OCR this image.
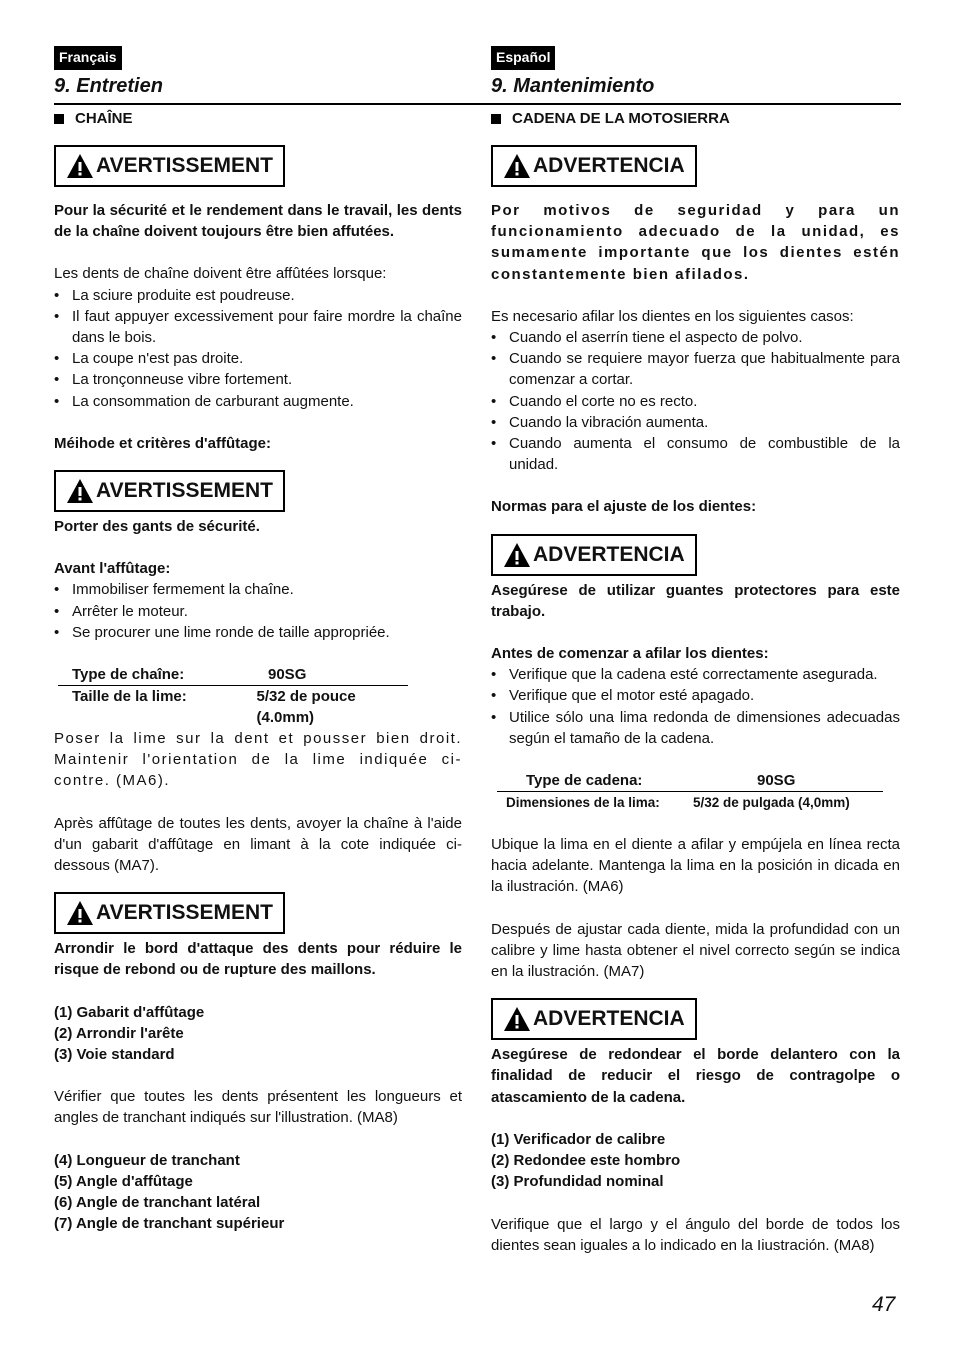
Français
9. Entretien
CHAÎNE
AVERTISSEMENT

Pour la sécurité et le rendement dans le travail, les dents de la chaîne doivent toujours être bien affutées.

Les dents de chaîne doivent être affûtées lorsque:

• La sciure produite est poudreuse.
• Il faut appuyer excessivement pour faire mordre la chaîne dans le bois.
• La coupe n'est pas droite.
• La tronçonneuse vibre fortement.
• La consommation de carburant augmente.

Méihode et critères d'affûtage:

AVERTISSEMENT

Porter des gants de sécurité.

Avant l'affûtage:

• Immobiliser fermement la chaîne.
• Arrêter le moteur.
• Se procurer une lime ronde de taille appropriée.
Type de chaîne:	90SG
Taille de la lime:	5/32 de pouce (4.0mm)

Poser la lime sur la dent et pousser bien droit. Maintenir l'orientation de la lime indiquée ci-contre. (MA6).

Après affûtage de toutes les dents, avoyer la chaîne à l'aide d'un gabarit d'affûtage en limant à la cote indiquée ci-dessous (MA7).

AVERTISSEMENT

Arrondir le bord d'attaque des dents pour réduire le risque de rebond ou de rupture des maillons.

(1) Gabarit d'affûtage

(2) Arrondir l'arête

(3) Voie standard

Vérifier que toutes les dents présentent les longueurs et angles de tranchant indiqués sur l'illustration. (MA8)

(4) Longueur de tranchant

(5) Angle d'affûtage

(6) Angle de tranchant latéral

(7) Angle de tranchant supérieur

Español
9. Mantenimiento
CADENA DE LA MOTOSIERRA
ADVERTENCIA

Por motivos de seguridad y para un funcionamiento adecuado de la unidad, es sumamente importante que los dientes estén constantemente bien afilados.

Es necesario afilar los dientes en los siguientes casos:

• Cuando el aserrín tiene el aspecto de polvo.
• Cuando se requiere mayor fuerza que habitualmente para comenzar a cortar.
• Cuando el corte no es recto.
• Cuando la vibración aumenta.
• Cuando aumenta el consumo de combustible de la unidad.

Normas para el ajuste de los dientes:

ADVERTENCIA

Asegúrese de utilizar guantes protectores para este trabajo.

Antes de comenzar a afilar los dientes:

• Verifique que la cadena esté correctamente asegurada.
• Verifique que el motor esté apagado.
• Utilice sólo una lima redonda de dimensiones adecuadas según el tamaño de la cadena.
Type de cadena:	90SG
Dimensiones de la lima:	5/32 de pulgada (4,0mm)

Ubique la lima en el diente a afilar y empújela en línea recta hacia adelante. Mantenga la lima en la posición in dicada en la ilustración. (MA6)

Después de ajustar cada diente, mida la profundidad con un calibre y lime hasta obtener el nivel correcto según se indica en la ilustración. (MA7)

ADVERTENCIA

Asegúrese de redondear el borde delantero con la finalidad de reducir el riesgo de contragolpe o atascamiento de la cadena.

(1) Verificador de calibre

(2) Redondee este hombro

(3) Profundidad nominal

Verifique que el largo y el ángulo del borde de todos los dientes sean iguales a lo indicado en la Iiustración. (MA8)

47
